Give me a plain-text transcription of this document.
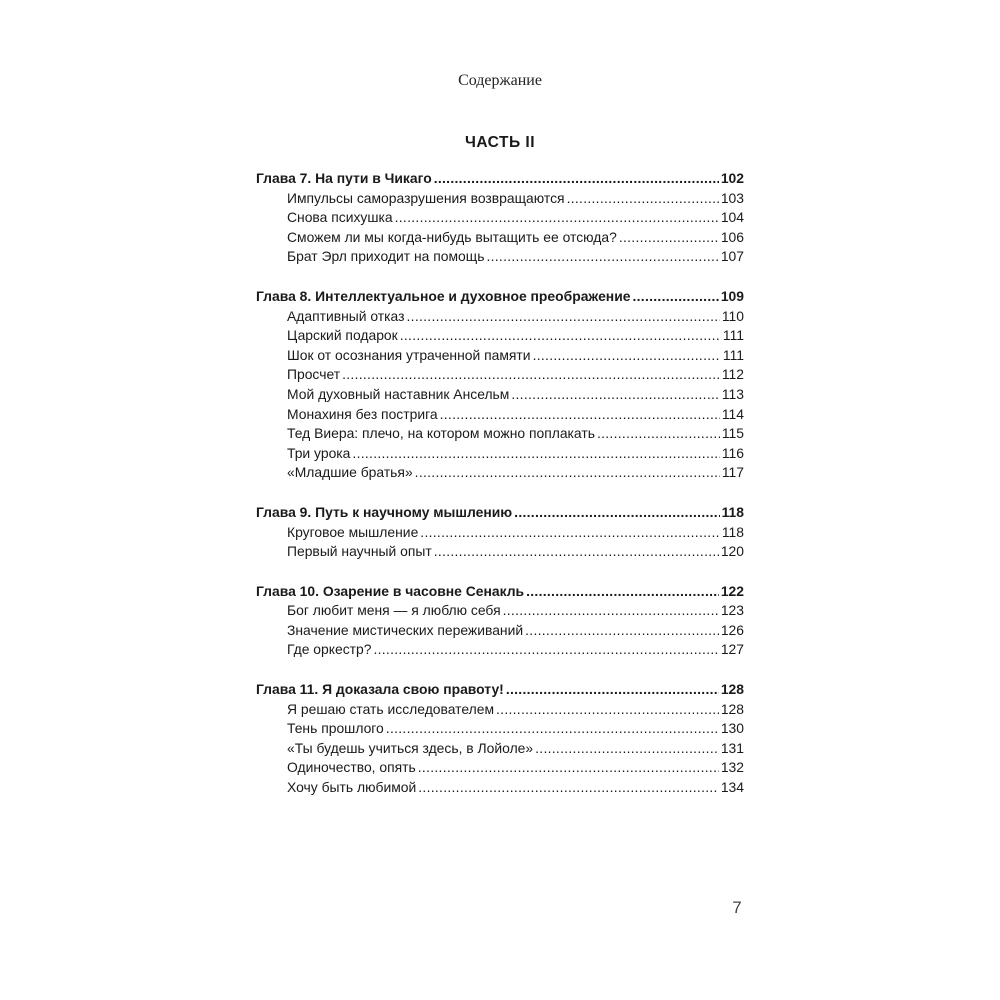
Содержание
ЧАСТЬ II
Глава 7. На пути в Чикаго .....	102
Импульсы саморазрушения возвращаются .....	103
Снова психушка .....	104
Сможем ли мы когда-нибудь вытащить ее отсюда? .....	106
Брат Эрл приходит на помощь .....	107
Глава 8. Интеллектуальное и духовное преображение .....	109
Адаптивный отказ .....	110
Царский подарок .....	111
Шок от осознания утраченной памяти .....	111
Просчет .....	112
Мой духовный наставник Ансельм .....	113
Монахиня без пострига .....	114
Тед Виера: плечо, на котором можно поплакать .....	115
Три урока .....	116
«Младшие братья» .....	117
Глава 9. Путь к научному мышлению .....	118
Круговое мышление .....	118
Первый научный опыт .....	120
Глава 10. Озарение в часовне Сенакль .....	122
Бог любит меня — я люблю себя .....	123
Значение мистических переживаний .....	126
Где оркестр? .....	127
Глава 11. Я доказала свою правоту! .....	128
Я решаю стать исследователем .....	128
Тень прошлого .....	130
«Ты будешь учиться здесь, в Лойоле» .....	131
Одиночество, опять .....	132
Хочу быть любимой .....	134
7
